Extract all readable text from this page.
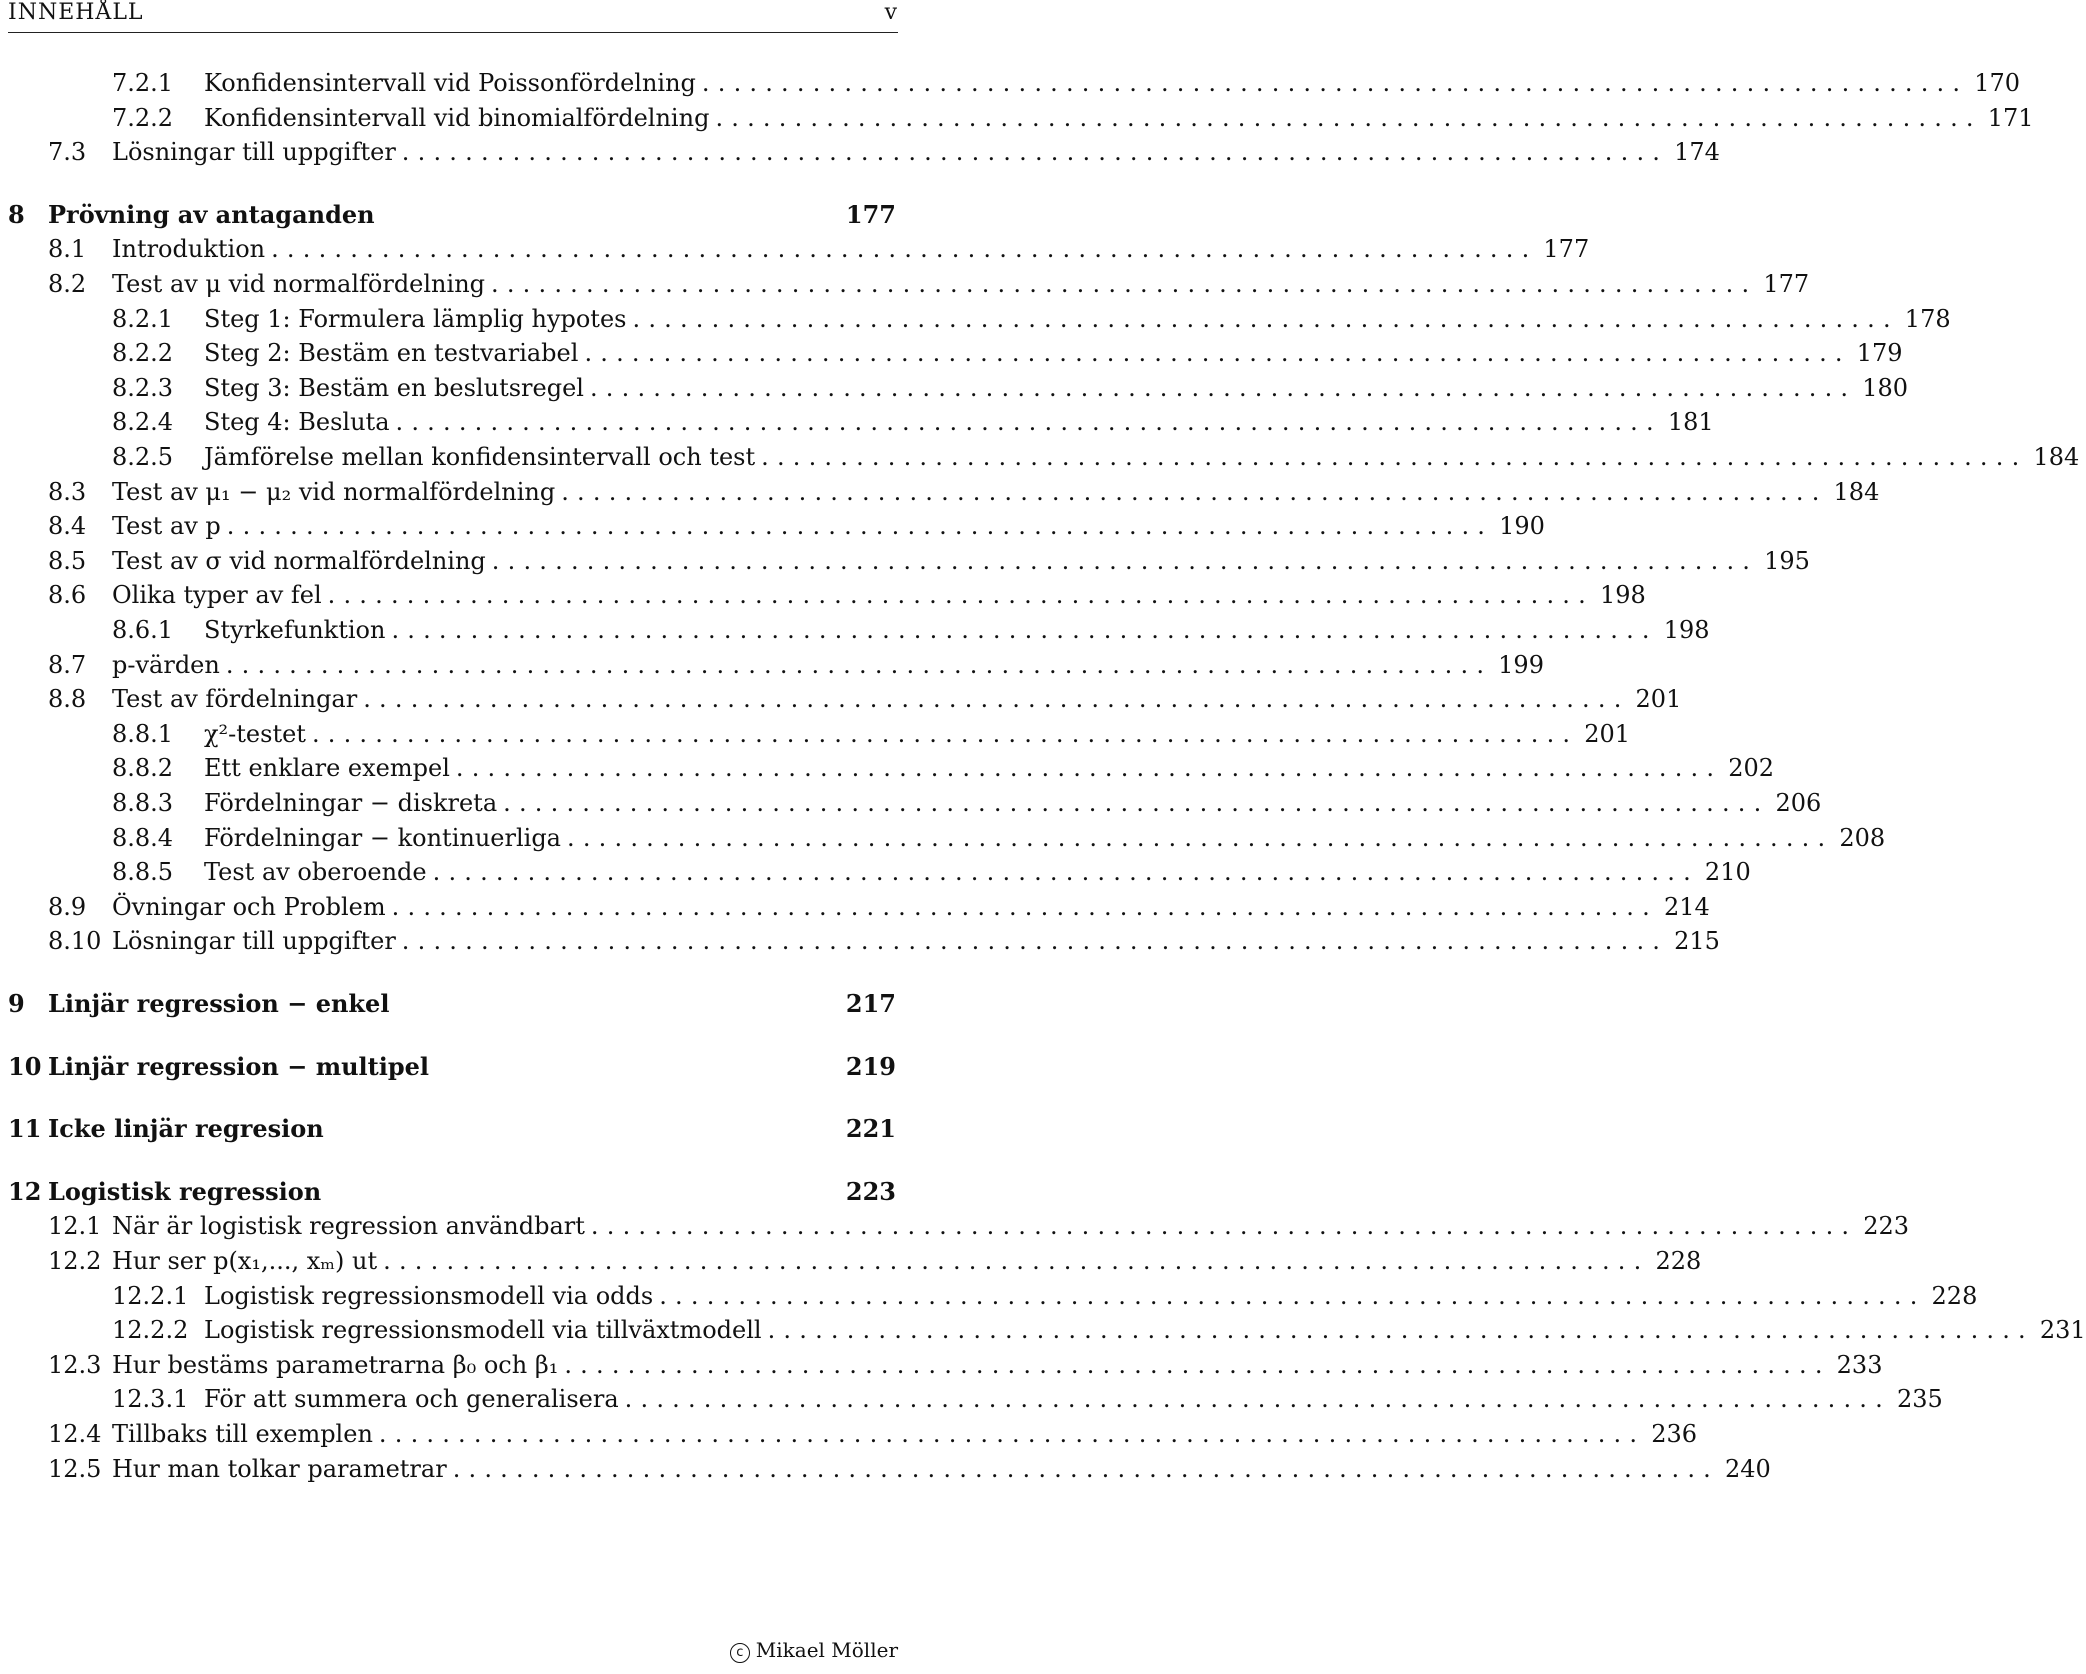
INNEHÅLL	v
7.2.1	Konfidensintervall vid Poissonfördelning ................................................................................ 170
7.2.2	Konfidensintervall vid binomialfördelning ................................................................................ 171
7.3	Lösningar till uppgifter ................................................................................ 174
8 Prövning av antaganden	177
8.1	Introduktion ................................................................................ 177
8.2	Test av μ vid normalfördelning ................................................................................ 177
8.2.1	Steg 1: Formulera lämplig hypotes ................................................................................ 178
8.2.2	Steg 2: Bestäm en testvariabel ................................................................................ 179
8.2.3	Steg 3: Bestäm en beslutsregel ................................................................................ 180
8.2.4	Steg 4: Besluta ................................................................................ 181
8.2.5	Jämförelse mellan konfidensintervall och test ................................................................................ 184
8.3	Test av μ₁ − μ₂ vid normalfördelning ................................................................................ 184
8.4	Test av p ................................................................................ 190
8.5	Test av σ vid normalfördelning ................................................................................ 195
8.6	Olika typer av fel ................................................................................ 198
8.6.1	Styrkefunktion ................................................................................ 198
8.7	p-värden ................................................................................ 199
8.8	Test av fördelningar ................................................................................ 201
8.8.1	χ²-testet ................................................................................ 201
8.8.2	Ett enklare exempel ................................................................................ 202
8.8.3	Fördelningar − diskreta ................................................................................ 206
8.8.4	Fördelningar − kontinuerliga ................................................................................ 208
8.8.5	Test av oberoende ................................................................................ 210
8.9	Övningar och Problem ................................................................................ 214
8.10 Lösningar till uppgifter ................................................................................ 215
9 Linjär regression − enkel	217
10 Linjär regression − multipel	219
11 Icke linjär regresion	221
12 Logistisk regression	223
12.1 När är logistisk regression användbart ................................................................................ 223
12.2 Hur ser p(x₁,..., xₘ) ut ................................................................................ 228
12.2.1 Logistisk regressionsmodell via odds ................................................................................ 228
12.2.2 Logistisk regressionsmodell via tillväxtmodell ................................................................................ 231
12.3 Hur bestäms parametrarna β₀ och β₁ ................................................................................ 233
12.3.1 För att summera och generalisera ................................................................................ 235
12.4 Tillbaks till exemplen ................................................................................ 236
12.5 Hur man tolkar parametrar ................................................................................ 240
c Mikael Möller
